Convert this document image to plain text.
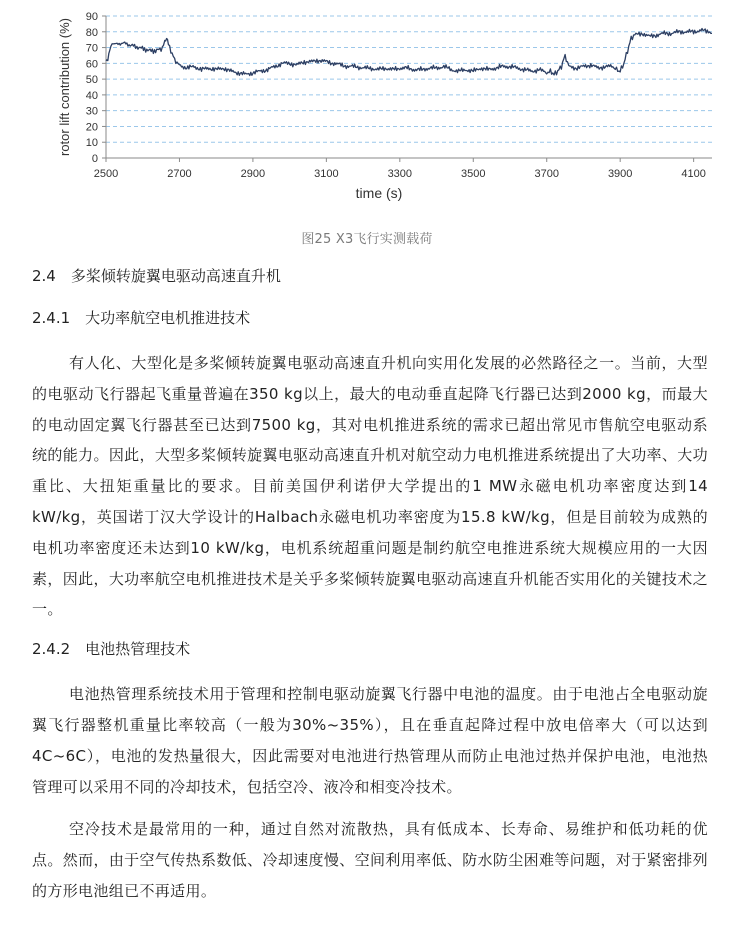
0
10
20
30
40
50
60
70
80
90
2500	2700	2900	3100	3300	3500	3700	3900	4100
time (s)
rotor lift contribution (%)
图25 X3飞行实测载荷
2.4　多桨倾转旋翼电驱动高速直升机
2.4.1　大功率航空电机推进技术

有人化、大型化是多桨倾转旋翼电驱动高速直升机向实用化发展的必然路径之一。当前，大型的电驱动飞行器起飞重量普遍在350 kg以上，最大的电动垂直起降飞行器已达到2000 kg，而最大的电动固定翼飞行器甚至已达到7500 kg，其对电机推进系统的需求已超出常见市售航空电驱动系统的能力。因此，大型多桨倾转旋翼电驱动高速直升机对航空动力电机推进系统提出了大功率、大功重比、大扭矩重量比的要求。目前美国伊利诺伊大学提出的1 MW永磁电机功率密度达到14 kW/kg，英国诺丁汉大学设计的Halbach永磁电机功率密度为15.8 kW/kg，但是目前较为成熟的电机功率密度还未达到10 kW/kg，电机系统超重问题是制约航空电推进系统大规模应用的一大因素，因此，大功率航空电机推进技术是关乎多桨倾转旋翼电驱动高速直升机能否实用化的关键技术之一。

2.4.2　电池热管理技术

电池热管理系统技术用于管理和控制电驱动旋翼飞行器中电池的温度。由于电池占全电驱动旋翼飞行器整机重量比率较高（一般为30%~35%），且在垂直起降过程中放电倍率大（可以达到4C~6C），电池的发热量很大，因此需要对电池进行热管理从而防止电池过热并保护电池，电池热管理可以采用不同的冷却技术，包括空冷、液冷和相变冷技术。

空冷技术是最常用的一种，通过自然对流散热，具有低成本、长寿命、易维护和低功耗的优点。然而，由于空气传热系数低、冷却速度慢、空间利用率低、防水防尘困难等问题，对于紧密排列的方形电池组已不再适用。
